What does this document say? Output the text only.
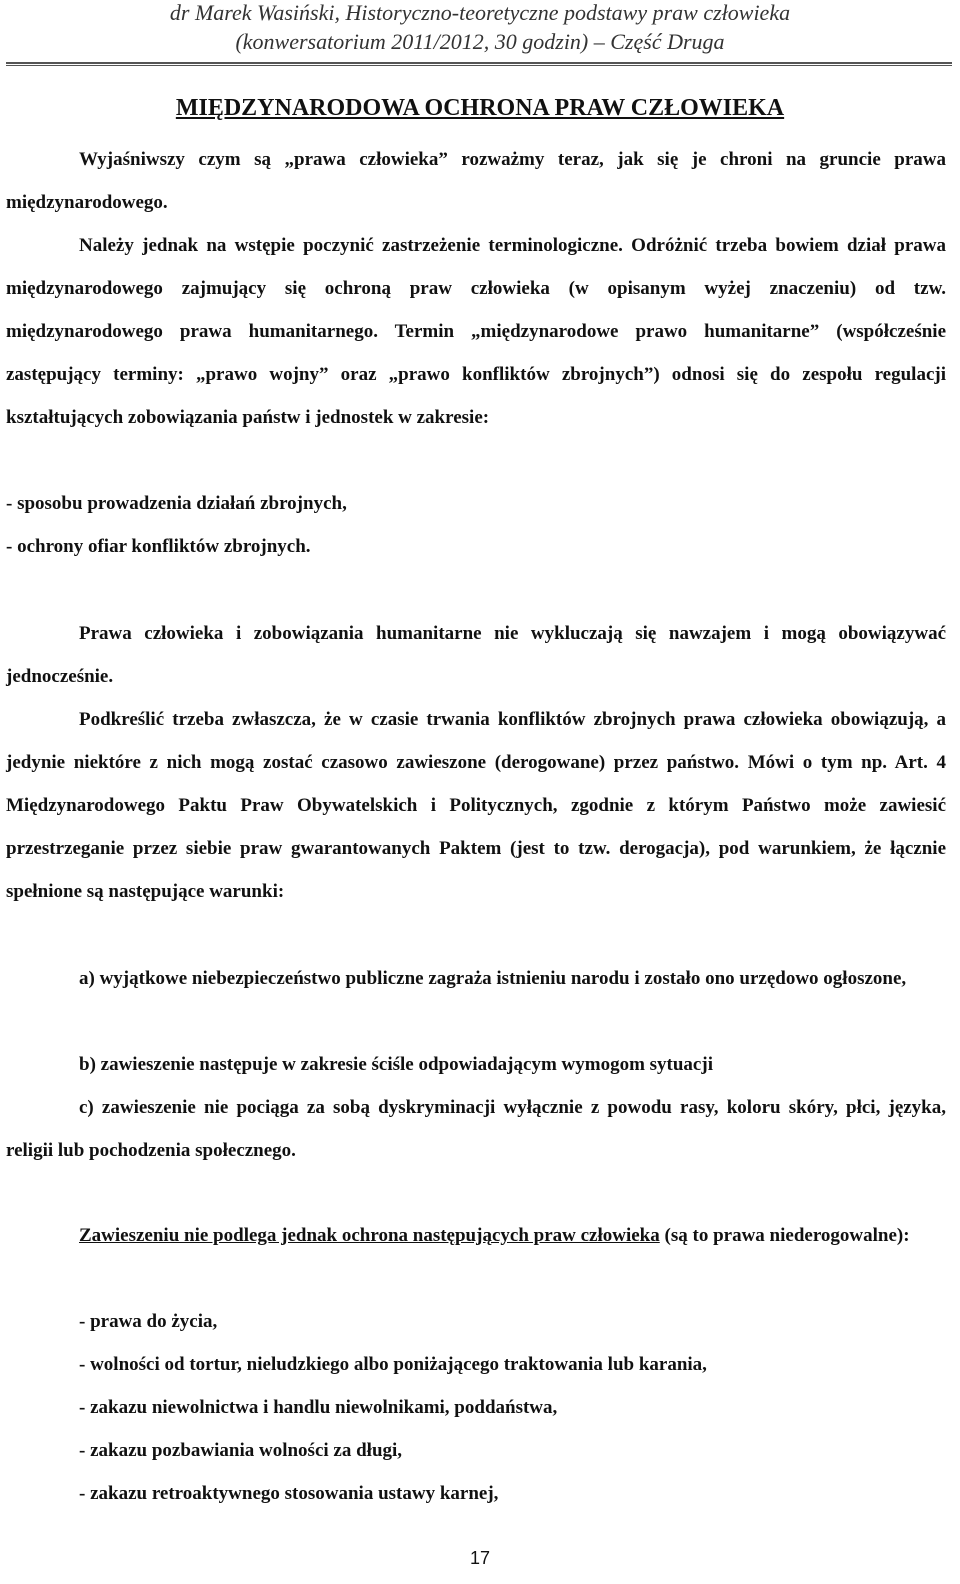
dr Marek Wasiński, Historyczno-teoretyczne podstawy praw człowieka
(konwersatorium 2011/2012, 30 godzin) – Część Druga
MIĘDZYNARODOWA OCHRONA PRAW CZŁOWIEKA
Wyjaśniwszy czym są „prawa człowieka” rozważmy teraz, jak się je chroni na gruncie prawa międzynarodowego.
Należy jednak na wstępie poczynić zastrzeżenie terminologiczne. Odróżnić trzeba bowiem dział prawa międzynarodowego zajmujący się ochroną praw człowieka (w opisanym wyżej znaczeniu) od tzw. międzynarodowego prawa humanitarnego. Termin „międzynarodowe prawo humanitarne” (współcześnie zastępujący terminy: „prawo wojny” oraz „prawo konfliktów zbrojnych”) odnosi się do zespołu regulacji kształtujących zobowiązania państw i jednostek w zakresie:
- sposobu prowadzenia działań zbrojnych,
- ochrony ofiar konfliktów zbrojnych.
Prawa człowieka i zobowiązania humanitarne nie wykluczają się nawzajem i mogą obowiązywać jednocześnie.
Podkreślić trzeba zwłaszcza, że w czasie trwania konfliktów zbrojnych prawa człowieka obowiązują, a jedynie niektóre z nich mogą zostać czasowo zawieszone (derogowane) przez państwo. Mówi o tym np. Art. 4 Międzynarodowego Paktu Praw Obywatelskich i Politycznych, zgodnie z którym Państwo może zawiesić przestrzeganie przez siebie praw gwarantowanych Paktem (jest to tzw. derogacja), pod warunkiem, że łącznie spełnione są następujące warunki:
a) wyjątkowe niebezpieczeństwo publiczne zagraża istnieniu narodu i zostało ono urzędowo ogłoszone,
b) zawieszenie następuje w zakresie ściśle odpowiadającym wymogom sytuacji
c) zawieszenie nie pociąga za sobą dyskryminacji wyłącznie z powodu rasy, koloru skóry, płci, języka, religii lub pochodzenia społecznego.
Zawieszeniu nie podlega jednak ochrona następujących praw człowieka (są to prawa niederogowalne):
- prawa do życia,
- wolności od tortur, nieludzkiego albo poniżającego traktowania lub karania,
- zakazu niewolnictwa i handlu niewolnikami, poddaństwa,
- zakazu pozbawiania wolności za długi,
- zakazu retroaktywnego stosowania ustawy karnej,
17
